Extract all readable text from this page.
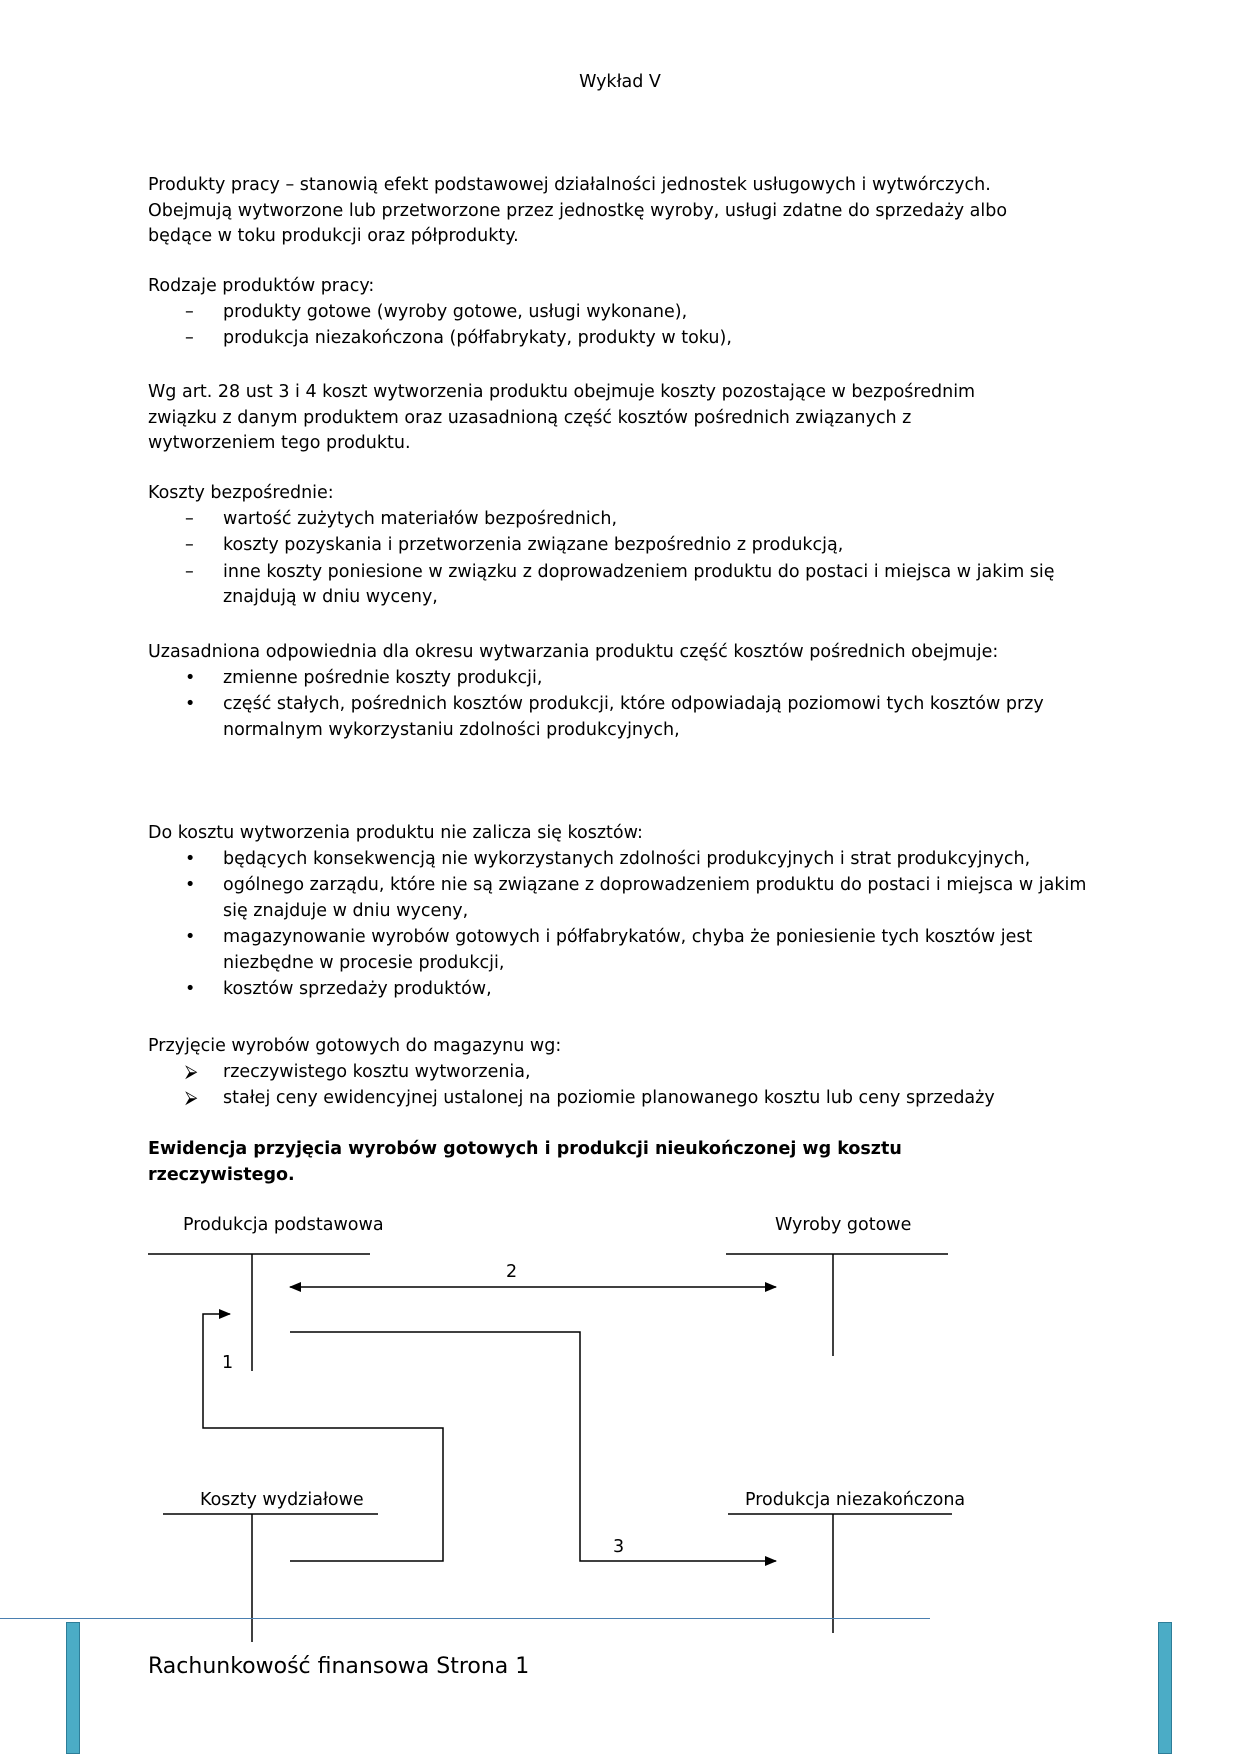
Wykład V
Produkty pracy – stanowią efekt podstawowej działalności jednostek usługowych i wytwórczych.
Obejmują wytworzone lub przetworzone przez jednostkę wyroby, usługi zdatne do sprzedaży albo
będące w toku produkcji oraz półprodukty.
Rodzaje produktów pracy:
– produkty gotowe (wyroby gotowe, usługi wykonane),
– produkcja niezakończona (półfabrykaty, produkty w toku),
Wg art. 28 ust 3 i 4 koszt wytworzenia produktu obejmuje koszty pozostające w bezpośrednim
związku z danym produktem oraz uzasadnioną część kosztów pośrednich związanych z
wytworzeniem tego produktu.
Koszty bezpośrednie:
– wartość zużytych materiałów bezpośrednich,
– koszty pozyskania i przetworzenia związane bezpośrednio z produkcją,
– inne koszty poniesione w związku z doprowadzeniem produktu do postaci i miejsca w jakim się znajdują w dniu wyceny,
Uzasadniona odpowiednia dla okresu wytwarzania produktu część kosztów pośrednich obejmuje:
• zmienne pośrednie koszty produkcji,
• część stałych, pośrednich kosztów produkcji, które odpowiadają poziomowi tych kosztów przy normalnym wykorzystaniu zdolności produkcyjnych,
Do kosztu wytworzenia produktu nie zalicza się kosztów:
• będących konsekwencją nie wykorzystanych zdolności produkcyjnych i strat produkcyjnych,
• ogólnego zarządu, które nie są związane z doprowadzeniem produktu do postaci i miejsca w jakim się znajduje w dniu wyceny,
• magazynowanie wyrobów gotowych i półfabrykatów, chyba że poniesienie tych kosztów jest niezbędne w procesie produkcji,
• kosztów sprzedaży produktów,
Przyjęcie wyrobów gotowych do magazynu wg:
⮚ rzeczywistego kosztu wytworzenia,
⮚ stałej ceny ewidencyjnej ustalonej na poziomie planowanego kosztu lub ceny sprzedaży
Ewidencja przyjęcia wyrobów gotowych i produkcji nieukończonej wg kosztu
rzeczywistego.
Produkcja podstawowa	Wyroby gotowe
Koszty wydziałowe	Produkcja niezakończona
2
1
3
Rachunkowość finansowa Strona 1
